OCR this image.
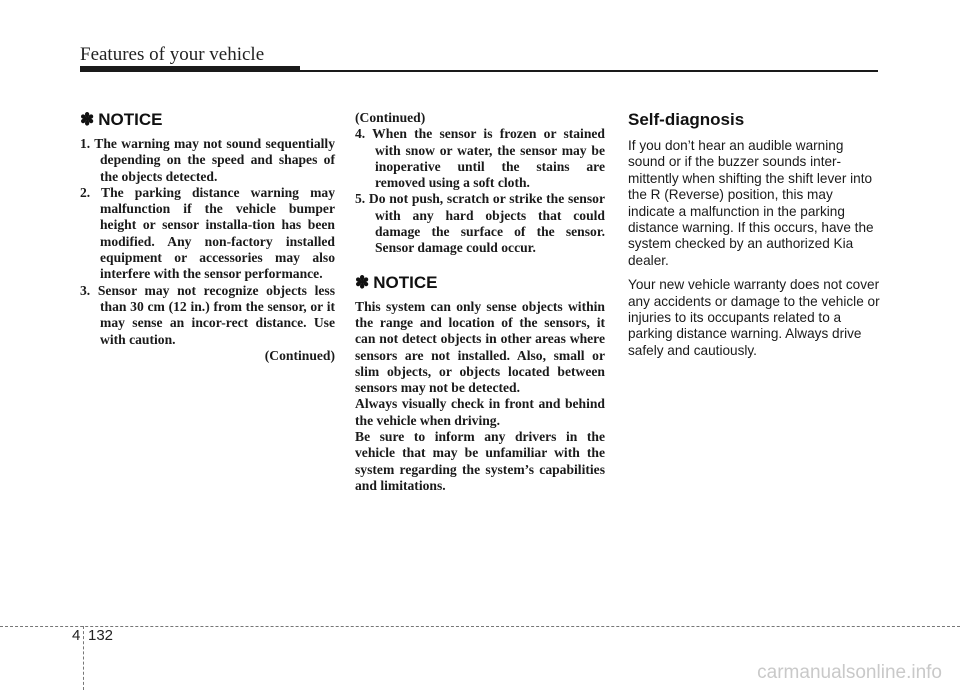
Features of your vehicle
✽ NOTICE

1. The warning may not sound sequentially depending on the speed and shapes of the objects detected.

2. The parking distance warning may malfunction if the vehicle bumper height or sensor installa-tion has been modified. Any non-factory installed equipment or accessories may also interfere with the sensor performance.

3. Sensor may not recognize objects less than 30 cm (12 in.) from the sensor, or it may sense an incor-rect distance. Use with caution.

(Continued)

(Continued)

4. When the sensor is frozen or stained with snow or water, the sensor may be inoperative until the stains are removed using a soft cloth.

5. Do not push, scratch or strike the sensor with any hard objects that could damage the surface of the sensor. Sensor damage could occur.

✽ NOTICE

This system can only sense objects within the range and location of the sensors, it can not detect objects in other areas where sensors are not installed. Also, small or slim objects, or objects located between sensors may not be detected.

Always visually check in front and behind the vehicle when driving.

Be sure to inform any drivers in the vehicle that may be unfamiliar with the system regarding the system’s capabilities and limitations.

Self-diagnosis

If you don’t hear an audible warning sound or if the buzzer sounds inter-mittently when shifting the shift lever into the R (Reverse) position, this may indicate a malfunction in the parking distance warning. If this occurs, have the system checked by an authorized Kia dealer.

Your new vehicle warranty does not cover any accidents or damage to the vehicle or injuries to its occupants related to a parking distance warning. Always drive safely and cautiously.

4 132
carmanualsonline.info
